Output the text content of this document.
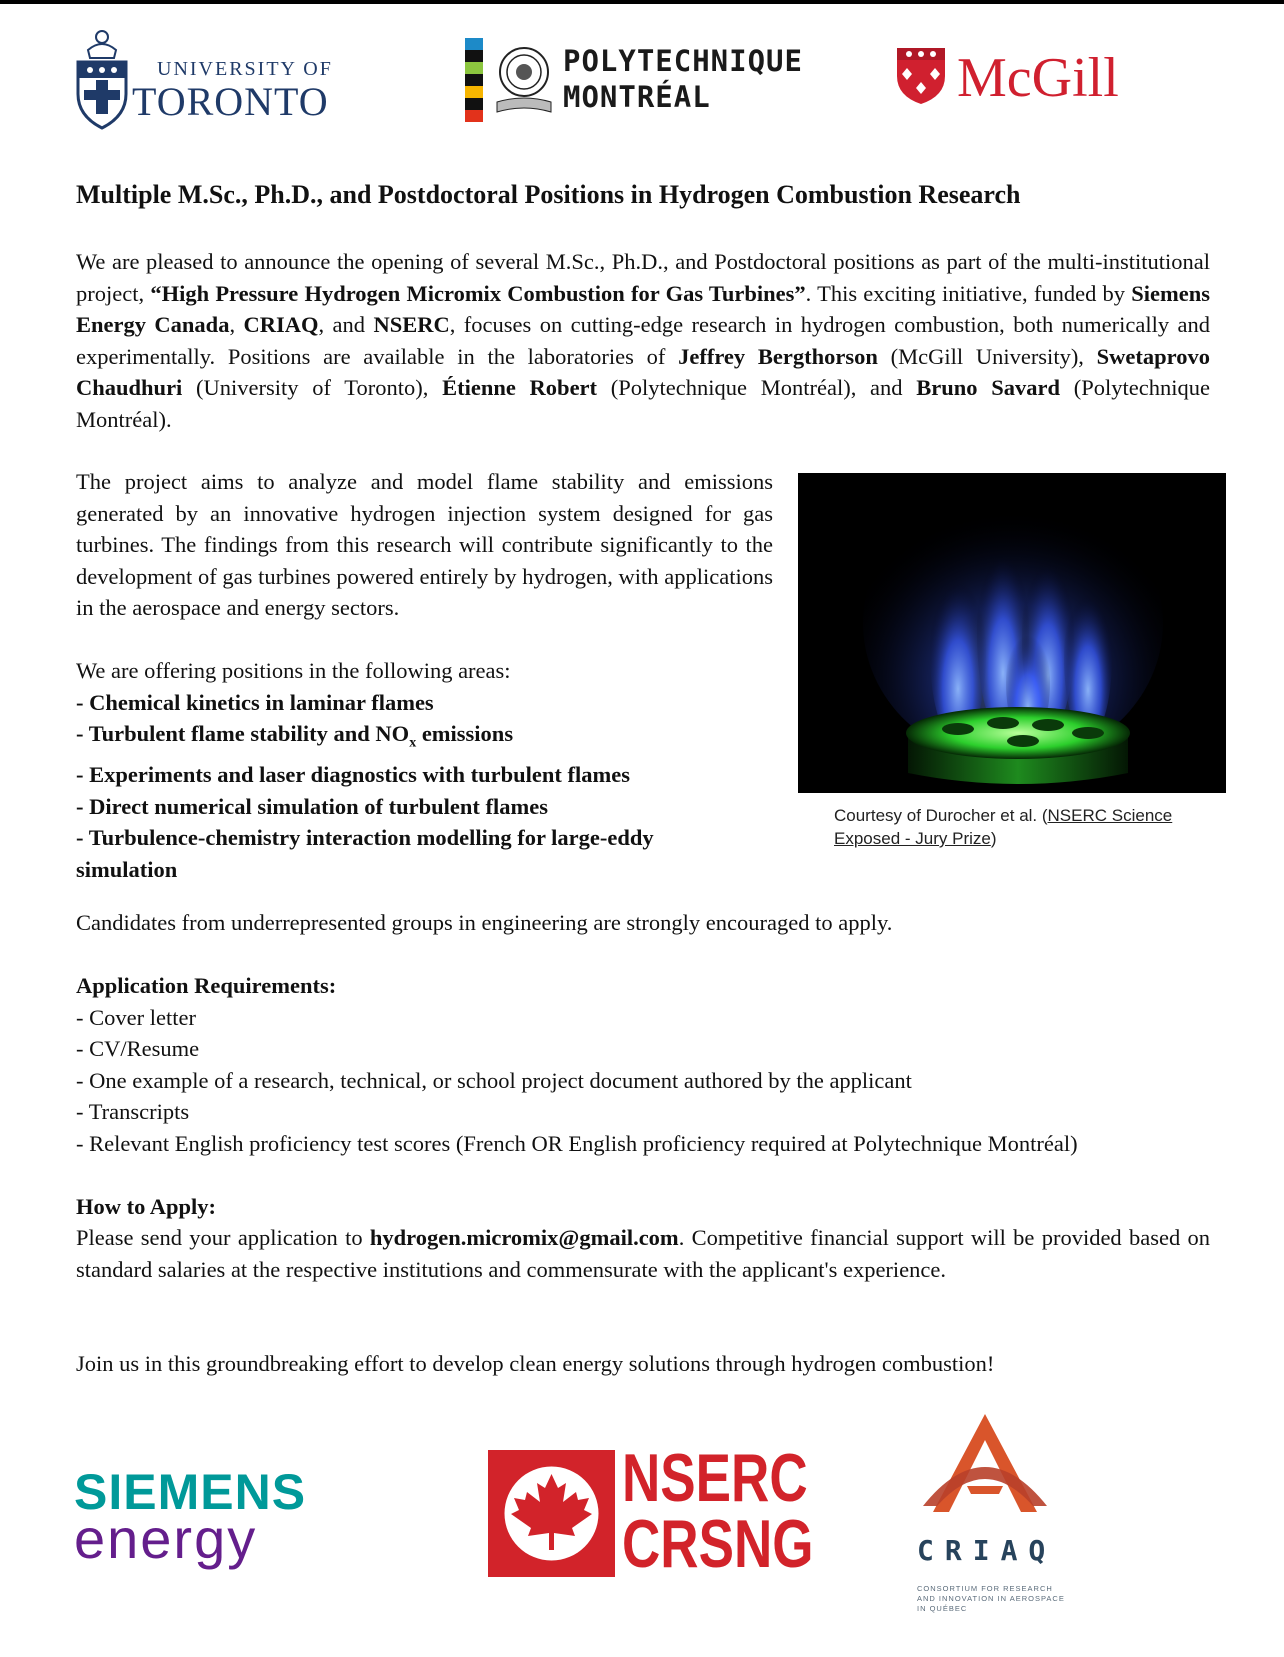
UNIVERSITY OF
TORONTO
POLYTECHNIQUE
MONTRÉAL	McGill
Multiple M.Sc., Ph.D., and Postdoctoral Positions in Hydrogen Combustion Research
We are pleased to announce the opening of several M.Sc., Ph.D., and Postdoctoral positions as part of the multi-institutional project, “High Pressure Hydrogen Micromix Combustion for Gas Turbines”. This exciting initiative, funded by Siemens Energy Canada, CRIAQ, and NSERC, focuses on cutting-edge research in hydrogen combustion, both numerically and experimentally. Positions are available in the laboratories of Jeffrey Bergthorson (McGill University), Swetaprovo Chaudhuri (University of Toronto), Étienne Robert (Polytechnique Montréal), and Bruno Savard (Polytechnique Montréal).
The project aims to analyze and model flame stability and emissions generated by an innovative hydrogen injection system designed for gas turbines. The findings from this research will contribute significantly to the development of gas turbines powered entirely by hydrogen, with applications in the aerospace and energy sectors.
We are offering positions in the following areas:
- Chemical kinetics in laminar flames
- Turbulent flame stability and $NO_x$ emissions
- Experiments and laser diagnostics with turbulent flames
- Direct numerical simulation of turbulent flames
- Turbulence-chemistry interaction modelling for large-eddy simulation
Courtesy of Durocher et al. (NSERC Science Exposed - Jury Prize)
Candidates from underrepresented groups in engineering are strongly encouraged to apply.
Application Requirements:
- Cover letter
- CV/Resume
- One example of a research, technical, or school project document authored by the applicant
- Transcripts
- Relevant English proficiency test scores (French OR English proficiency required at Polytechnique Montréal)
How to Apply:
Please send your application to hydrogen.micromix@gmail.com. Competitive financial support will be provided based on standard salaries at the respective institutions and commensurate with the applicant's experience.
Join us in this groundbreaking effort to develop clean energy solutions through hydrogen combustion!
SIEMENS
energy
NSERC
CRSNG	CRIAQ
CONSORTIUM FOR RESEARCH
AND INNOVATION IN AEROSPACE
IN QUÉBEC
